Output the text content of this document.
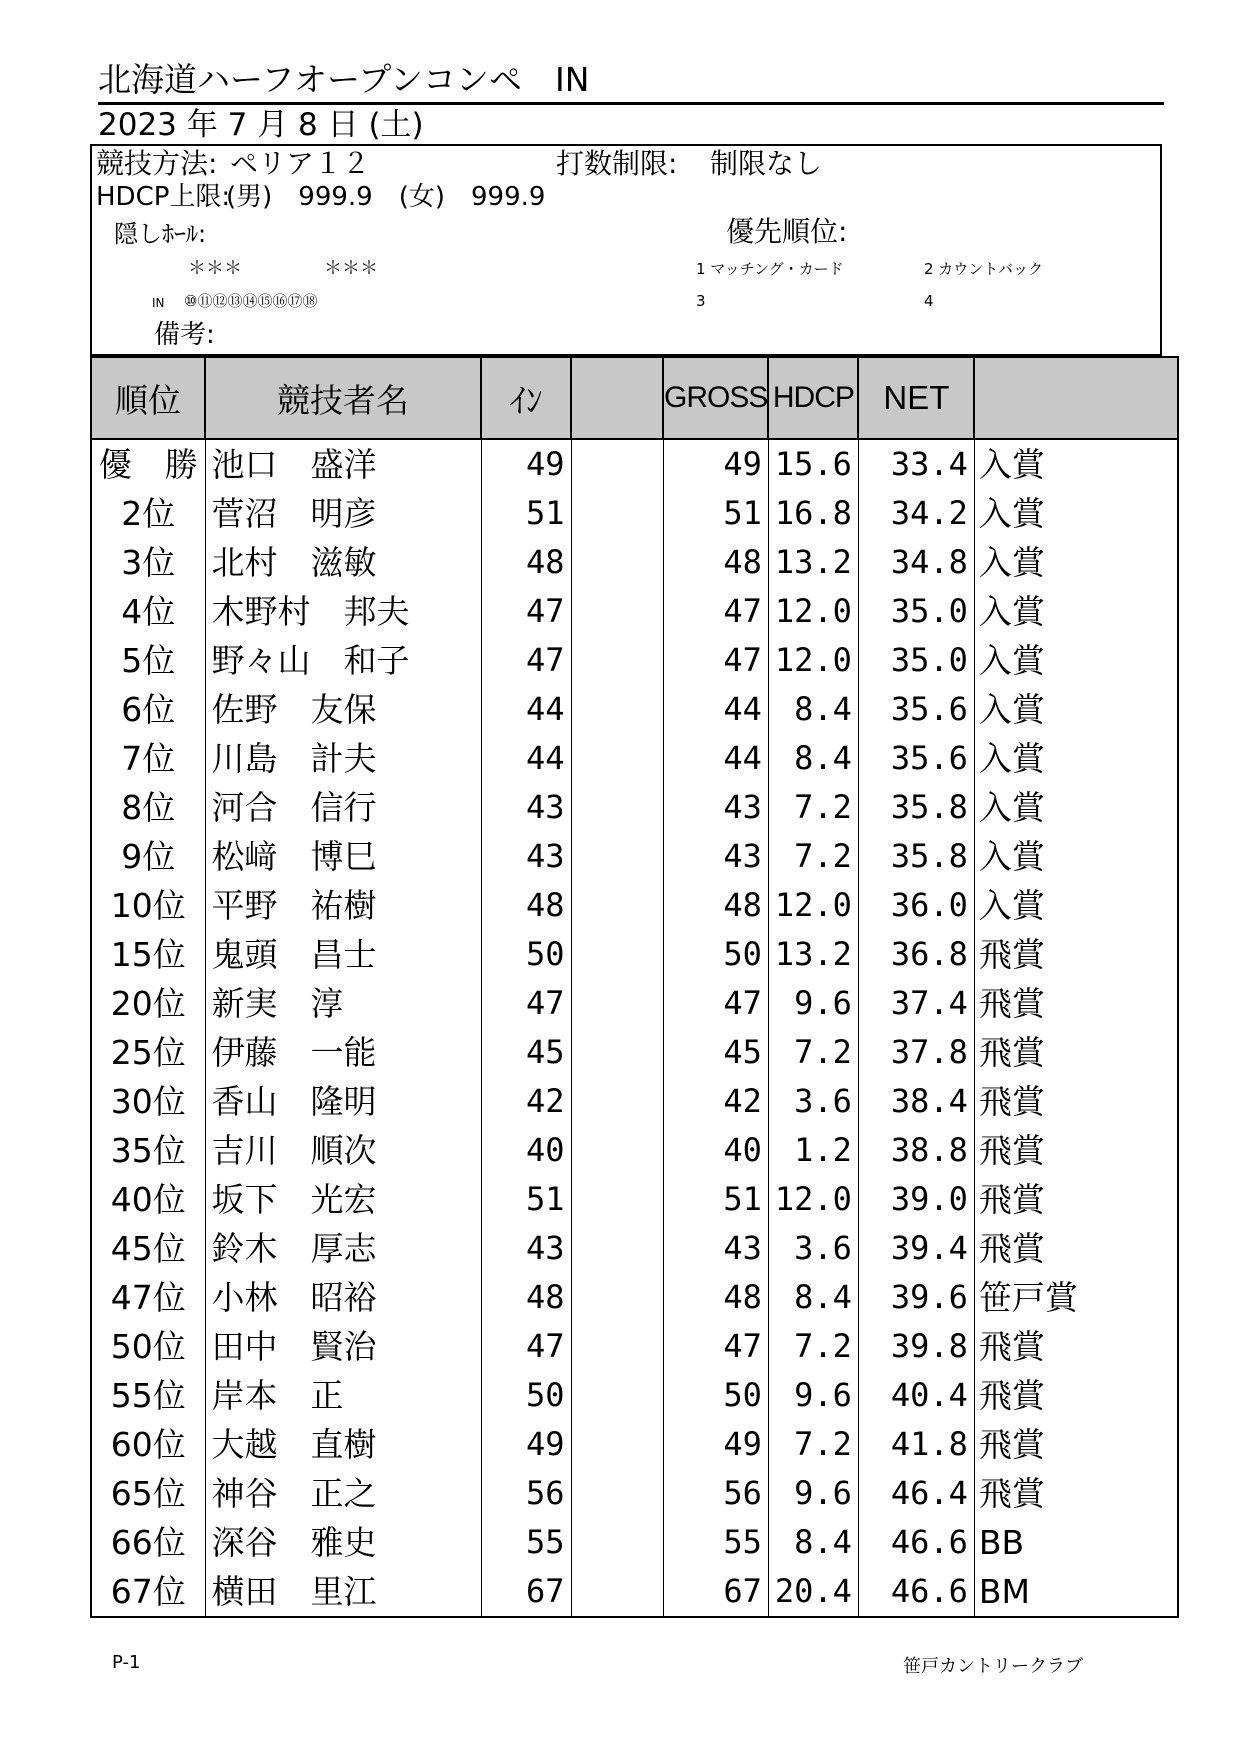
北海道ハーフオープンコンペ　IN
2023 年 7 月 8 日 (土)
競技方法: ペリア１２	打数制限: 制限なし
HDCP上限:
(男)　999.9　(女)　999.9
隠しﾎｰﾙ:	優先順位:
＊＊＊	＊＊＊	1 マッチング・カード	2 カウントバック
IN ⑩⑪⑫⑬⑭⑮⑯⑰⑱	3	4
備考:
順位	競技者名	ｲﾝ		GROSS	HDCP	NET	
優　勝	池口　盛洋	49		49	15.6	33.4	入賞
2位	菅沼　明彦	51		51	16.8	34.2	入賞
3位	北村　滋敏	48		48	13.2	34.8	入賞
4位	木野村　邦夫	47		47	12.0	35.0	入賞
5位	野々山　和子	47		47	12.0	35.0	入賞
6位	佐野　友保	44		44	8.4	35.6	入賞
7位	川島　計夫	44		44	8.4	35.6	入賞
8位	河合　信行	43		43	7.2	35.8	入賞
9位	松﨑　博巳	43		43	7.2	35.8	入賞
10位	平野　祐樹	48		48	12.0	36.0	入賞
15位	鬼頭　昌士	50		50	13.2	36.8	飛賞
20位	新実　淳	47		47	9.6	37.4	飛賞
25位	伊藤　一能	45		45	7.2	37.8	飛賞
30位	香山　隆明	42		42	3.6	38.4	飛賞
35位	吉川　順次	40		40	1.2	38.8	飛賞
40位	坂下　光宏	51		51	12.0	39.0	飛賞
45位	鈴木　厚志	43		43	3.6	39.4	飛賞
47位	小林　昭裕	48		48	8.4	39.6	笹戸賞
50位	田中　賢治	47		47	7.2	39.8	飛賞
55位	岸本　正	50		50	9.6	40.4	飛賞
60位	大越　直樹	49		49	7.2	41.8	飛賞
65位	神谷　正之	56		56	9.6	46.4	飛賞
66位	深谷　雅史	55		55	8.4	46.6	BB
67位	横田　里江	67		67	20.4	46.6	BM
P-1	笹戸カントリークラブ
